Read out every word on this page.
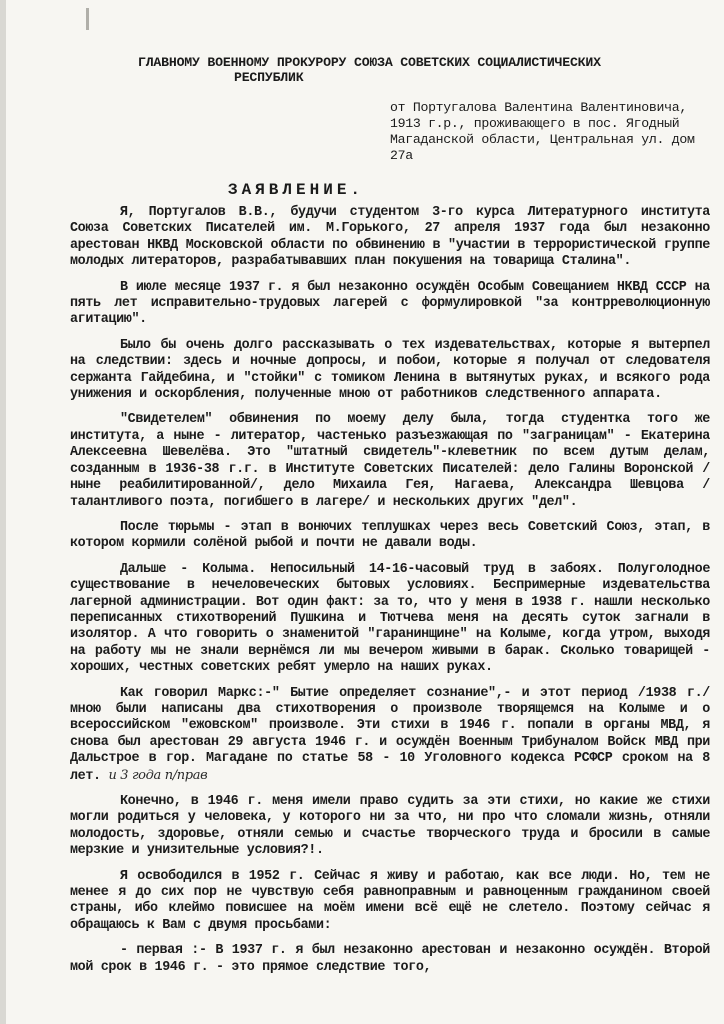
ГЛАВНОМУ ВОЕННОМУ ПРОКУРОРУ СОЮЗА СОВЕТСКИХ СОЦИАЛИСТИЧЕСКИХ
РЕСПУБЛИК
от Португалова Валентина Валентиновича, 1913 г.р., проживающего в пос. Ягодный Магаданской области, Центральная ул. дом 27а
ЗАЯВЛЕНИЕ.

Я, Португалов В.В., будучи студентом 3-го курса Литературного института Союза Советских Писателей им. М.Горького, 27 апреля 1937 года был незаконно арестован НКВД Московской области по обвинению в "участии в террористической группе молодых литераторов, разрабатывавших план покушения на товарища Сталина".

В июле месяце 1937 г. я был незаконно осуждён Особым Совещанием НКВД СССР на пять лет исправительно-трудовых лагерей с формулировкой "за контрреволюционную агитацию".

Было бы очень долго рассказывать о тех издевательствах, которые я вытерпел на следствии: здесь и ночные допросы, и побои, которые я получал от следователя сержанта Гайдебина, и "стойки" с томиком Ленина в вытянутых руках, и всякого рода унижения и оскорбления, полученные мною от работников следственного аппарата.

"Свидетелем" обвинения по моему делу была, тогда студентка того же института, а ныне - литератор, частенько разъезжающая по "заграницам" - Екатерина Алексеевна Шевелёва. Это "штатный свидетель"-клеветник по всем дутым делам, созданным в 1936-38 г.г. в Институте Советских Писателей: дело Галины Воронской /ныне реабилитированной/, дело Михаила Гея, Нагаева, Александра Шевцова /талантливого поэта, погибшего в лагере/ и нескольких других "дел".

После тюрьмы - этап в вонючих теплушках через весь Советский Союз, этап, в котором кормили солёной рыбой и почти не давали воды.

Дальше - Колыма. Непосильный 14-16-часовый труд в забоях. Полуголодное существование в нечеловеческих бытовых условиях. Беспримерные издевательства лагерной администрации. Вот один факт: за то, что у меня в 1938 г. нашли несколько переписанных стихотворений Пушкина и Тютчева меня на десять суток загнали в изолятор. А что говорить о знаменитой "гаранинщине" на Колыме, когда утром, выходя на работу мы не знали вернёмся ли мы вечером живыми в барак. Сколько товарищей - хороших, честных советских ребят умерло на наших руках.

Как говорил Маркс:-" Бытие определяет сознание",- и этот период /1938 г./ мною были написаны два стихотворения о произволе творящемся на Колыме и о всероссийском "ежовском" произволе. Эти стихи в 1946 г. попали в органы МВД, я снова был арестован 29 августа 1946 г. и осуждён Военным Трибуналом Войск МВД при Дальстрое в гор. Магадане по статье 58 - 10 Уголовного кодекса РСФСР сроком на 8 лет. и 3 года п/прав

Конечно, в 1946 г. меня имели право судить за эти стихи, но какие же стихи могли родиться у человека, у которого ни за что, ни про что сломали жизнь, отняли молодость, здоровье, отняли семью и счастье творческого труда и бросили в самые мерзкие и унизительные условия?!.

Я освободился в 1952 г. Сейчас я живу и работаю, как все люди. Но, тем не менее я до сих пор не чувствую себя равноправным и равноценным гражданином своей страны, ибо клеймо повисшее на моём имени всё ещё не слетело. Поэтому сейчас я обращаюсь к Вам с двумя просьбами:

- первая :- В 1937 г. я был незаконно арестован и незаконно осуждён. Второй мой срок в 1946 г. - это прямое следствие того,
